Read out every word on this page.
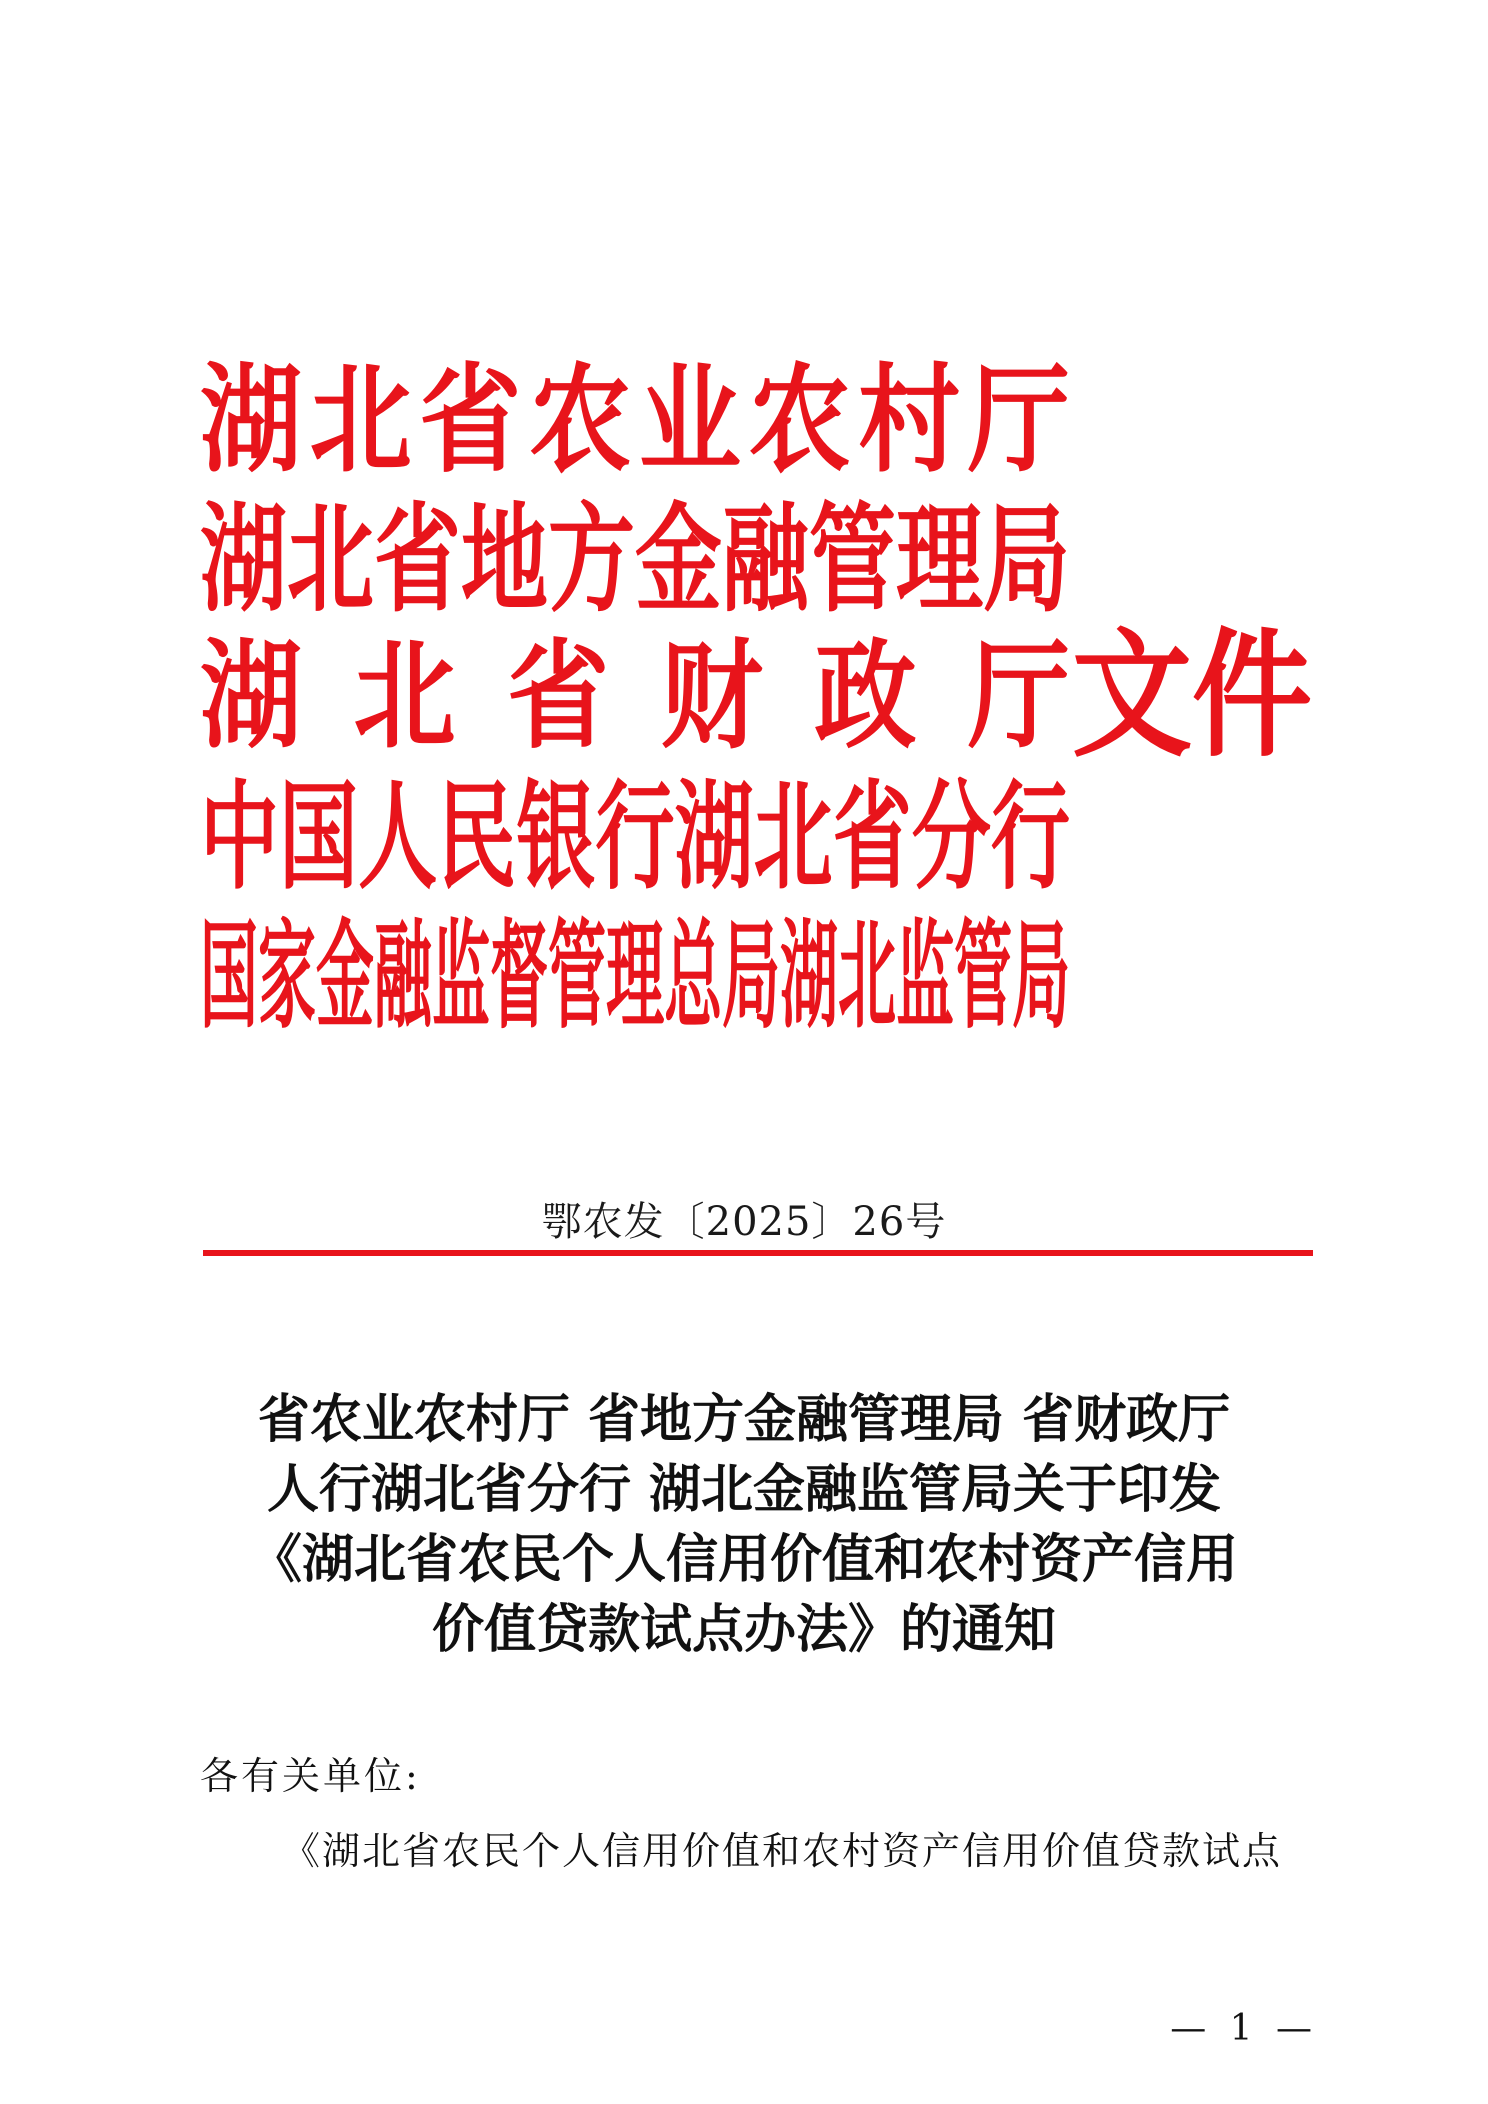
湖 北 省 农 业 农 村 厅
湖 北 省 地 方 金 融 管 理 局
湖 北 省 财 政 厅 文件
中 国 人 民 银 行 湖 北 省 分 行
国 家 金 融 监 督 管 理 总 局 湖 北 监 管 局
鄂农发〔2025〕26号
省农业农村厅 省地方金融管理局 省财政厅
人行湖北省分行 湖北金融监管局关于印发
《湖北省农民个人信用价值和农村资产信用
价值贷款试点办法》的通知
各有关单位:
《湖北省农民个人信用价值和农村资产信用价值贷款试点
— 1 —
